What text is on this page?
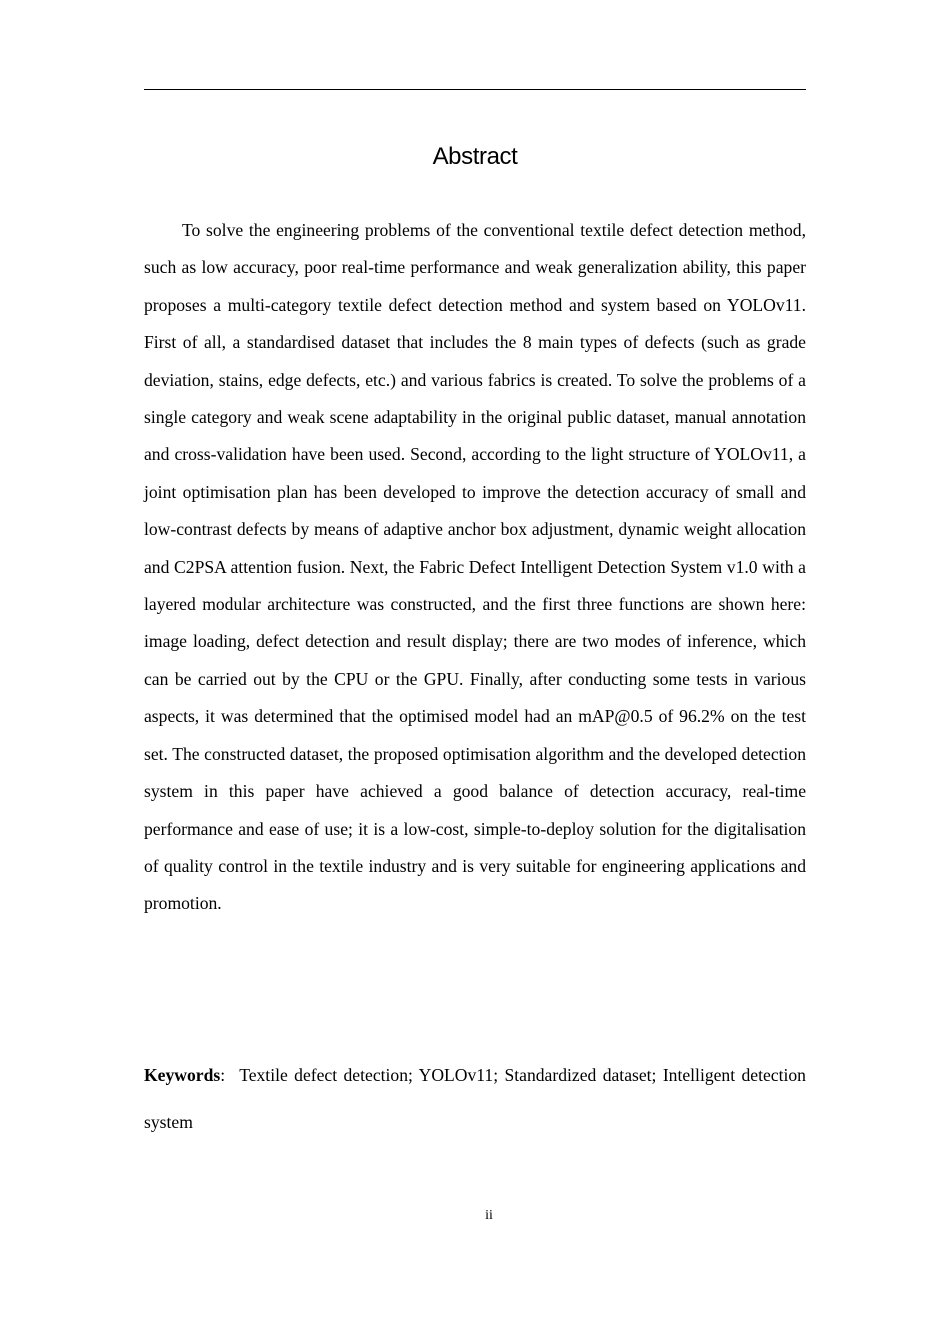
Abstract

To solve the engineering problems of the conventional textile defect detection method, such as low accuracy, poor real-time performance and weak generalization ability, this paper proposes a multi-category textile defect detection method and system based on YOLOv11. First of all, a standardised dataset that includes the 8 main types of defects (such as grade deviation, stains, edge defects, etc.) and various fabrics is created. To solve the problems of a single category and weak scene adaptability in the original public dataset, manual annotation and cross-validation have been used. Second, according to the light structure of YOLOv11, a joint optimisation plan has been developed to improve the detection accuracy of small and low-contrast defects by means of adaptive anchor box adjustment, dynamic weight allocation and C2PSA attention fusion. Next, the Fabric Defect Intelligent Detection System v1.0 with a layered modular architecture was constructed, and the first three functions are shown here: image loading, defect detection and result display; there are two modes of inference, which can be carried out by the CPU or the GPU. Finally, after conducting some tests in various aspects, it was determined that the optimised model had an mAP@0.5 of 96.2% on the test set. The constructed dataset, the proposed optimisation algorithm and the developed detection system in this paper have achieved a good balance of detection accuracy, real-time performance and ease of use; it is a low-cost, simple-to-deploy solution for the digitalisation of quality control in the textile industry and is very suitable for engineering applications and promotion.

Keywords: Textile defect detection; YOLOv11; Standardized dataset; Intelligent detection system

ii
